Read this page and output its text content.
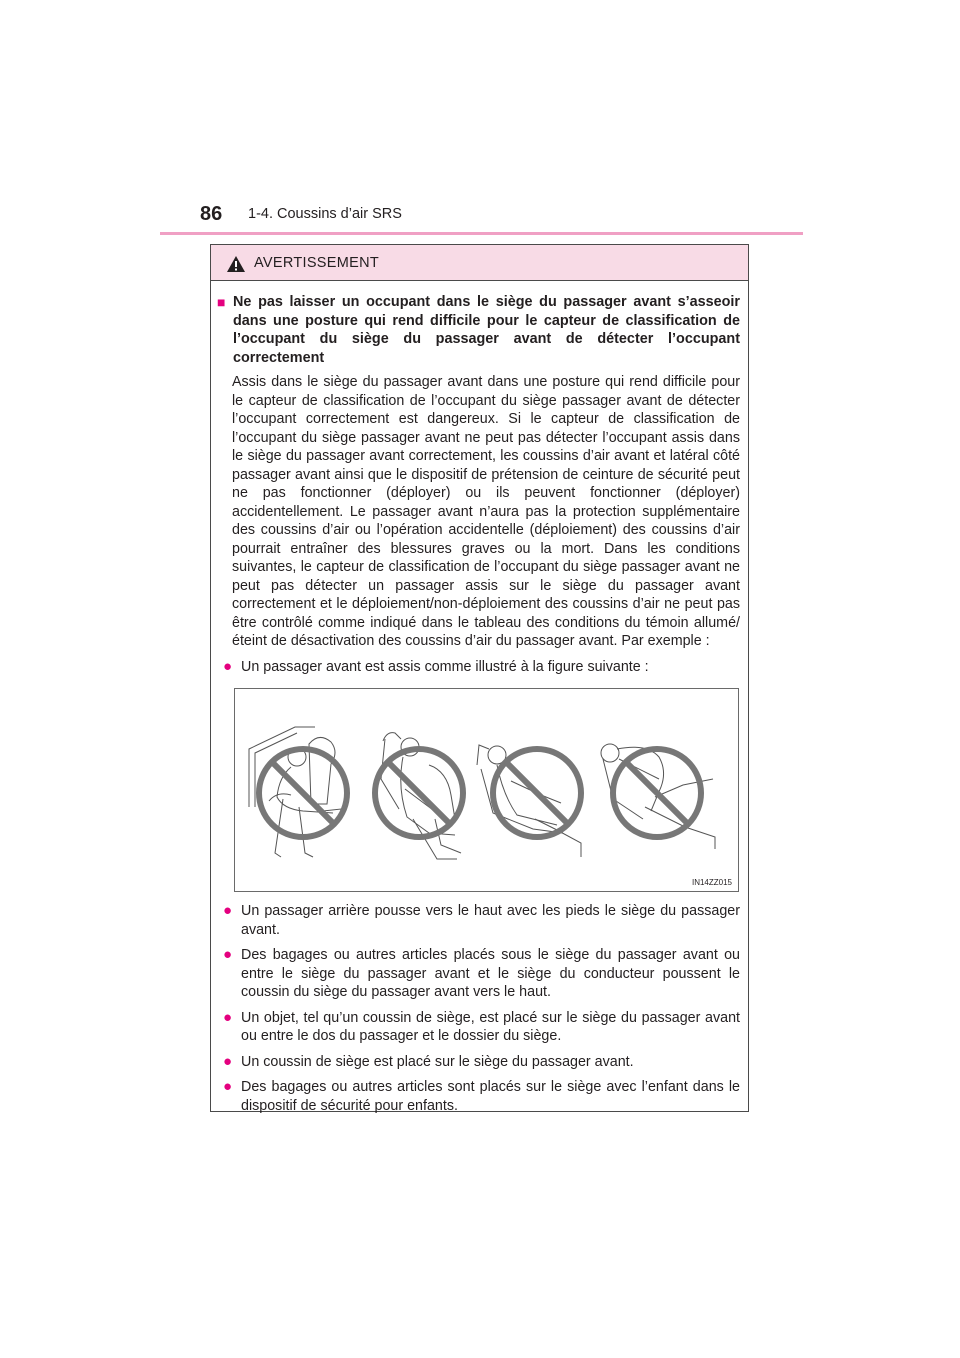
86 1-4. Coussins d’air SRS
AVERTISSEMENT
■ Ne pas laisser un occupant dans le siège du passager avant s’asseoir dans une posture qui rend difficile pour le capteur de classification de l’occupant du siège du passager avant de détecter l’occupant correctement
Assis dans le siège du passager avant dans une posture qui rend difficile pour le capteur de classification de l’occupant du siège passager avant de détecter l’occupant correctement est dangereux. Si le capteur de classification de l’occupant du siège passager avant ne peut pas détecter l’occupant assis dans le siège du passager avant correctement, les coussins d’air avant et latéral côté passager avant ainsi que le dispositif de prétension de ceinture de sécurité peut ne pas fonctionner (déployer) ou ils peuvent fonctionner (déployer) accidentellement. Le passager avant n’aura pas la protection supplémentaire des coussins d’air ou l’opération accidentelle (déploiement) des coussins d’air pourrait entraîner des blessures graves ou la mort. Dans les conditions suivantes, le capteur de classification de l’occupant du siège passager avant ne peut pas détecter un passager assis sur le siège du passager avant correctement et le déploiement/non-déploiement des coussins d’air ne peut pas être contrôlé comme indiqué dans le tableau des conditions du témoin allumé/éteint de désactivation des coussins d’air du passager avant. Par exemple :
● Un passager avant est assis comme illustré à la figure suivante :
IN14ZZ015
● Un passager arrière pousse vers le haut avec les pieds le siège du passager avant.
● Des bagages ou autres articles placés sous le siège du passager avant ou entre le siège du passager avant et le siège du conducteur poussent le coussin du siège du passager avant vers le haut.
● Un objet, tel qu’un coussin de siège, est placé sur le siège du passager avant ou entre le dos du passager et le dossier du siège.
● Un coussin de siège est placé sur le siège du passager avant.
● Des bagages ou autres articles sont placés sur le siège avec l’enfant dans le dispositif de sécurité pour enfants.
